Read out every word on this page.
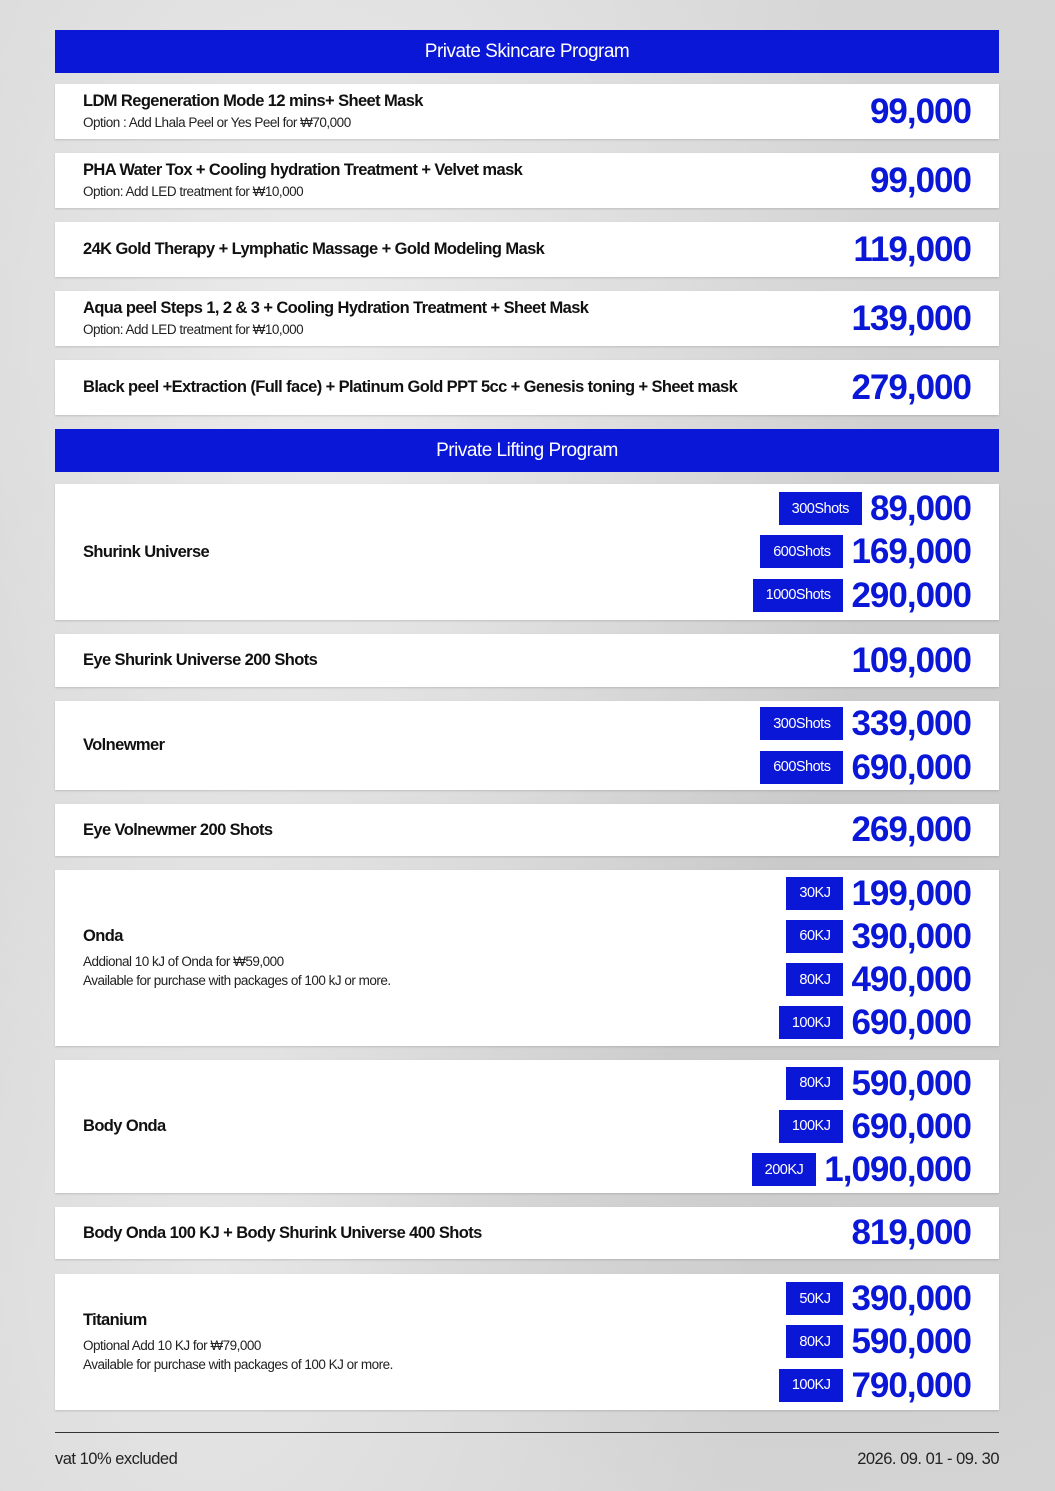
Private Skincare Program
LDM Regeneration Mode 12 mins+ Sheet Mask
Option : Add Lhala Peel or Yes Peel for ₩70,000	99,000
PHA Water Tox + Cooling hydration Treatment + Velvet mask
Option: Add LED treatment for ₩10,000	99,000
24K Gold Therapy + Lymphatic Massage + Gold Modeling Mask	119,000
Aqua peel Steps 1, 2 & 3 + Cooling Hydration Treatment + Sheet Mask
Option: Add LED treatment for ₩10,000	139,000
Black peel +Extraction (Full face) + Platinum Gold PPT 5cc + Genesis toning + Sheet mask	279,000
Private Lifting Program
Shurink Universe
300Shots 89,000
600Shots 169,000
1000Shots 290,000
Eye Shurink Universe 200 Shots	109,000
Volnewmer
300Shots 339,000
600Shots 690,000
Eye Volnewmer 200 Shots	269,000
Onda
Addional 10 kJ of Onda for ₩59,000
Available for purchase with packages of 100 kJ or more.
30KJ 199,000
60KJ 390,000
80KJ 490,000
100KJ 690,000
Body Onda
80KJ 590,000
100KJ 690,000
200KJ 1,090,000
Body Onda 100 KJ + Body Shurink Universe 400 Shots	819,000
Titanium
Optional Add 10 KJ for ₩79,000
Available for purchase with packages of 100 KJ or more.
50KJ 390,000
80KJ 590,000
100KJ 790,000
vat 10% excluded	2026. 09. 01 - 09. 30
